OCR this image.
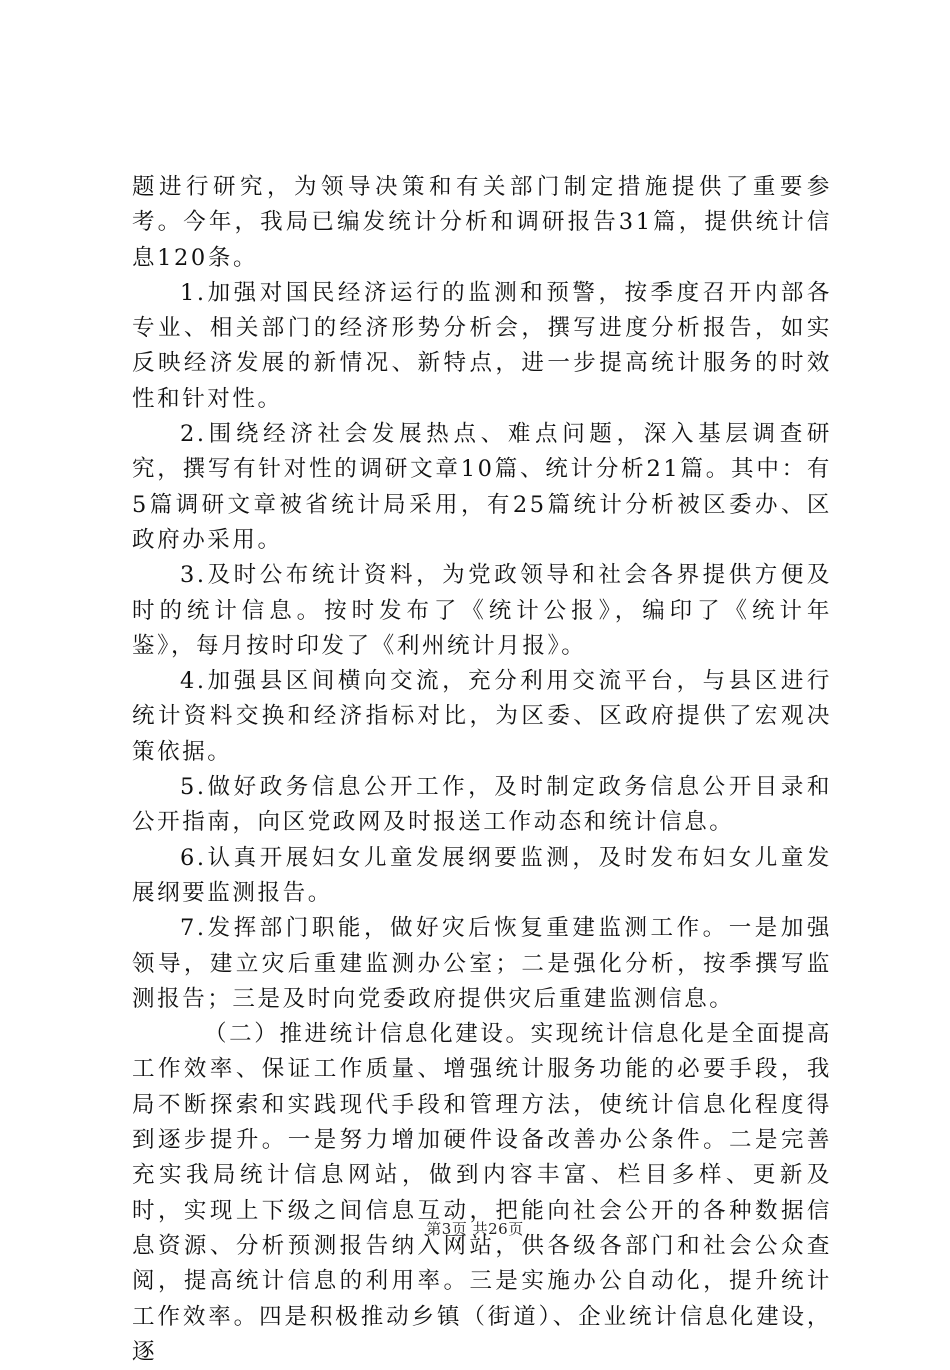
题进行研究，为领导决策和有关部门制定措施提供了重要参考。今年，我局已编发统计分析和调研报告31篇，提供统计信息120条。

1.加强对国民经济运行的监测和预警，按季度召开内部各专业、相关部门的经济形势分析会，撰写进度分析报告，如实反映经济发展的新情况、新特点，进一步提高统计服务的时效性和针对性。

2.围绕经济社会发展热点、难点问题，深入基层调查研究，撰写有针对性的调研文章10篇、统计分析21篇。其中：有5篇调研文章被省统计局采用，有25篇统计分析被区委办、区政府办采用。

3.及时公布统计资料，为党政领导和社会各界提供方便及时的统计信息。按时发布了《统计公报》，编印了《统计年鉴》，每月按时印发了《利州统计月报》。

4.加强县区间横向交流，充分利用交流平台，与县区进行统计资料交换和经济指标对比，为区委、区政府提供了宏观决策依据。

5.做好政务信息公开工作，及时制定政务信息公开目录和公开指南，向区党政网及时报送工作动态和统计信息。

6.认真开展妇女儿童发展纲要监测，及时发布妇女儿童发展纲要监测报告。

7.发挥部门职能，做好灾后恢复重建监测工作。一是加强领导，建立灾后重建监测办公室；二是强化分析，按季撰写监测报告；三是及时向党委政府提供灾后重建监测信息。

（二）推进统计信息化建设。实现统计信息化是全面提高工作效率、保证工作质量、增强统计服务功能的必要手段，我局不断探索和实践现代手段和管理方法，使统计信息化程度得到逐步提升。一是努力增加硬件设备改善办公条件。二是完善充实我局统计信息网站，做到内容丰富、栏目多样、更新及时，实现上下级之间信息互动，把能向社会公开的各种数据信息资源、分析预测报告纳入网站，供各级各部门和社会公众查阅，提高统计信息的利用率。三是实施办公自动化，提升统计工作效率。四是积极推动乡镇（街道）、企业统计信息化建设，逐

第3页 共26页
